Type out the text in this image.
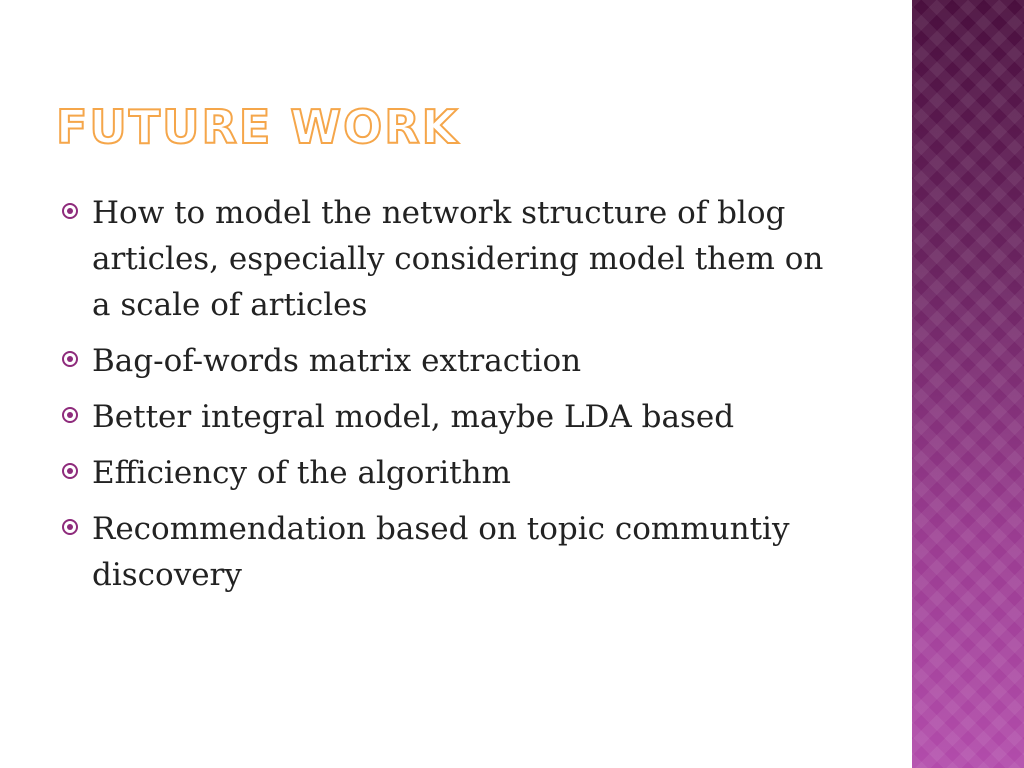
FUTURE WORK
How to model the network structure of blog articles, especially considering model them on a scale of articles
Bag-of-words matrix extraction
Better integral model, maybe LDA based
Efficiency of the algorithm
Recommendation based on topic communtiy discovery
